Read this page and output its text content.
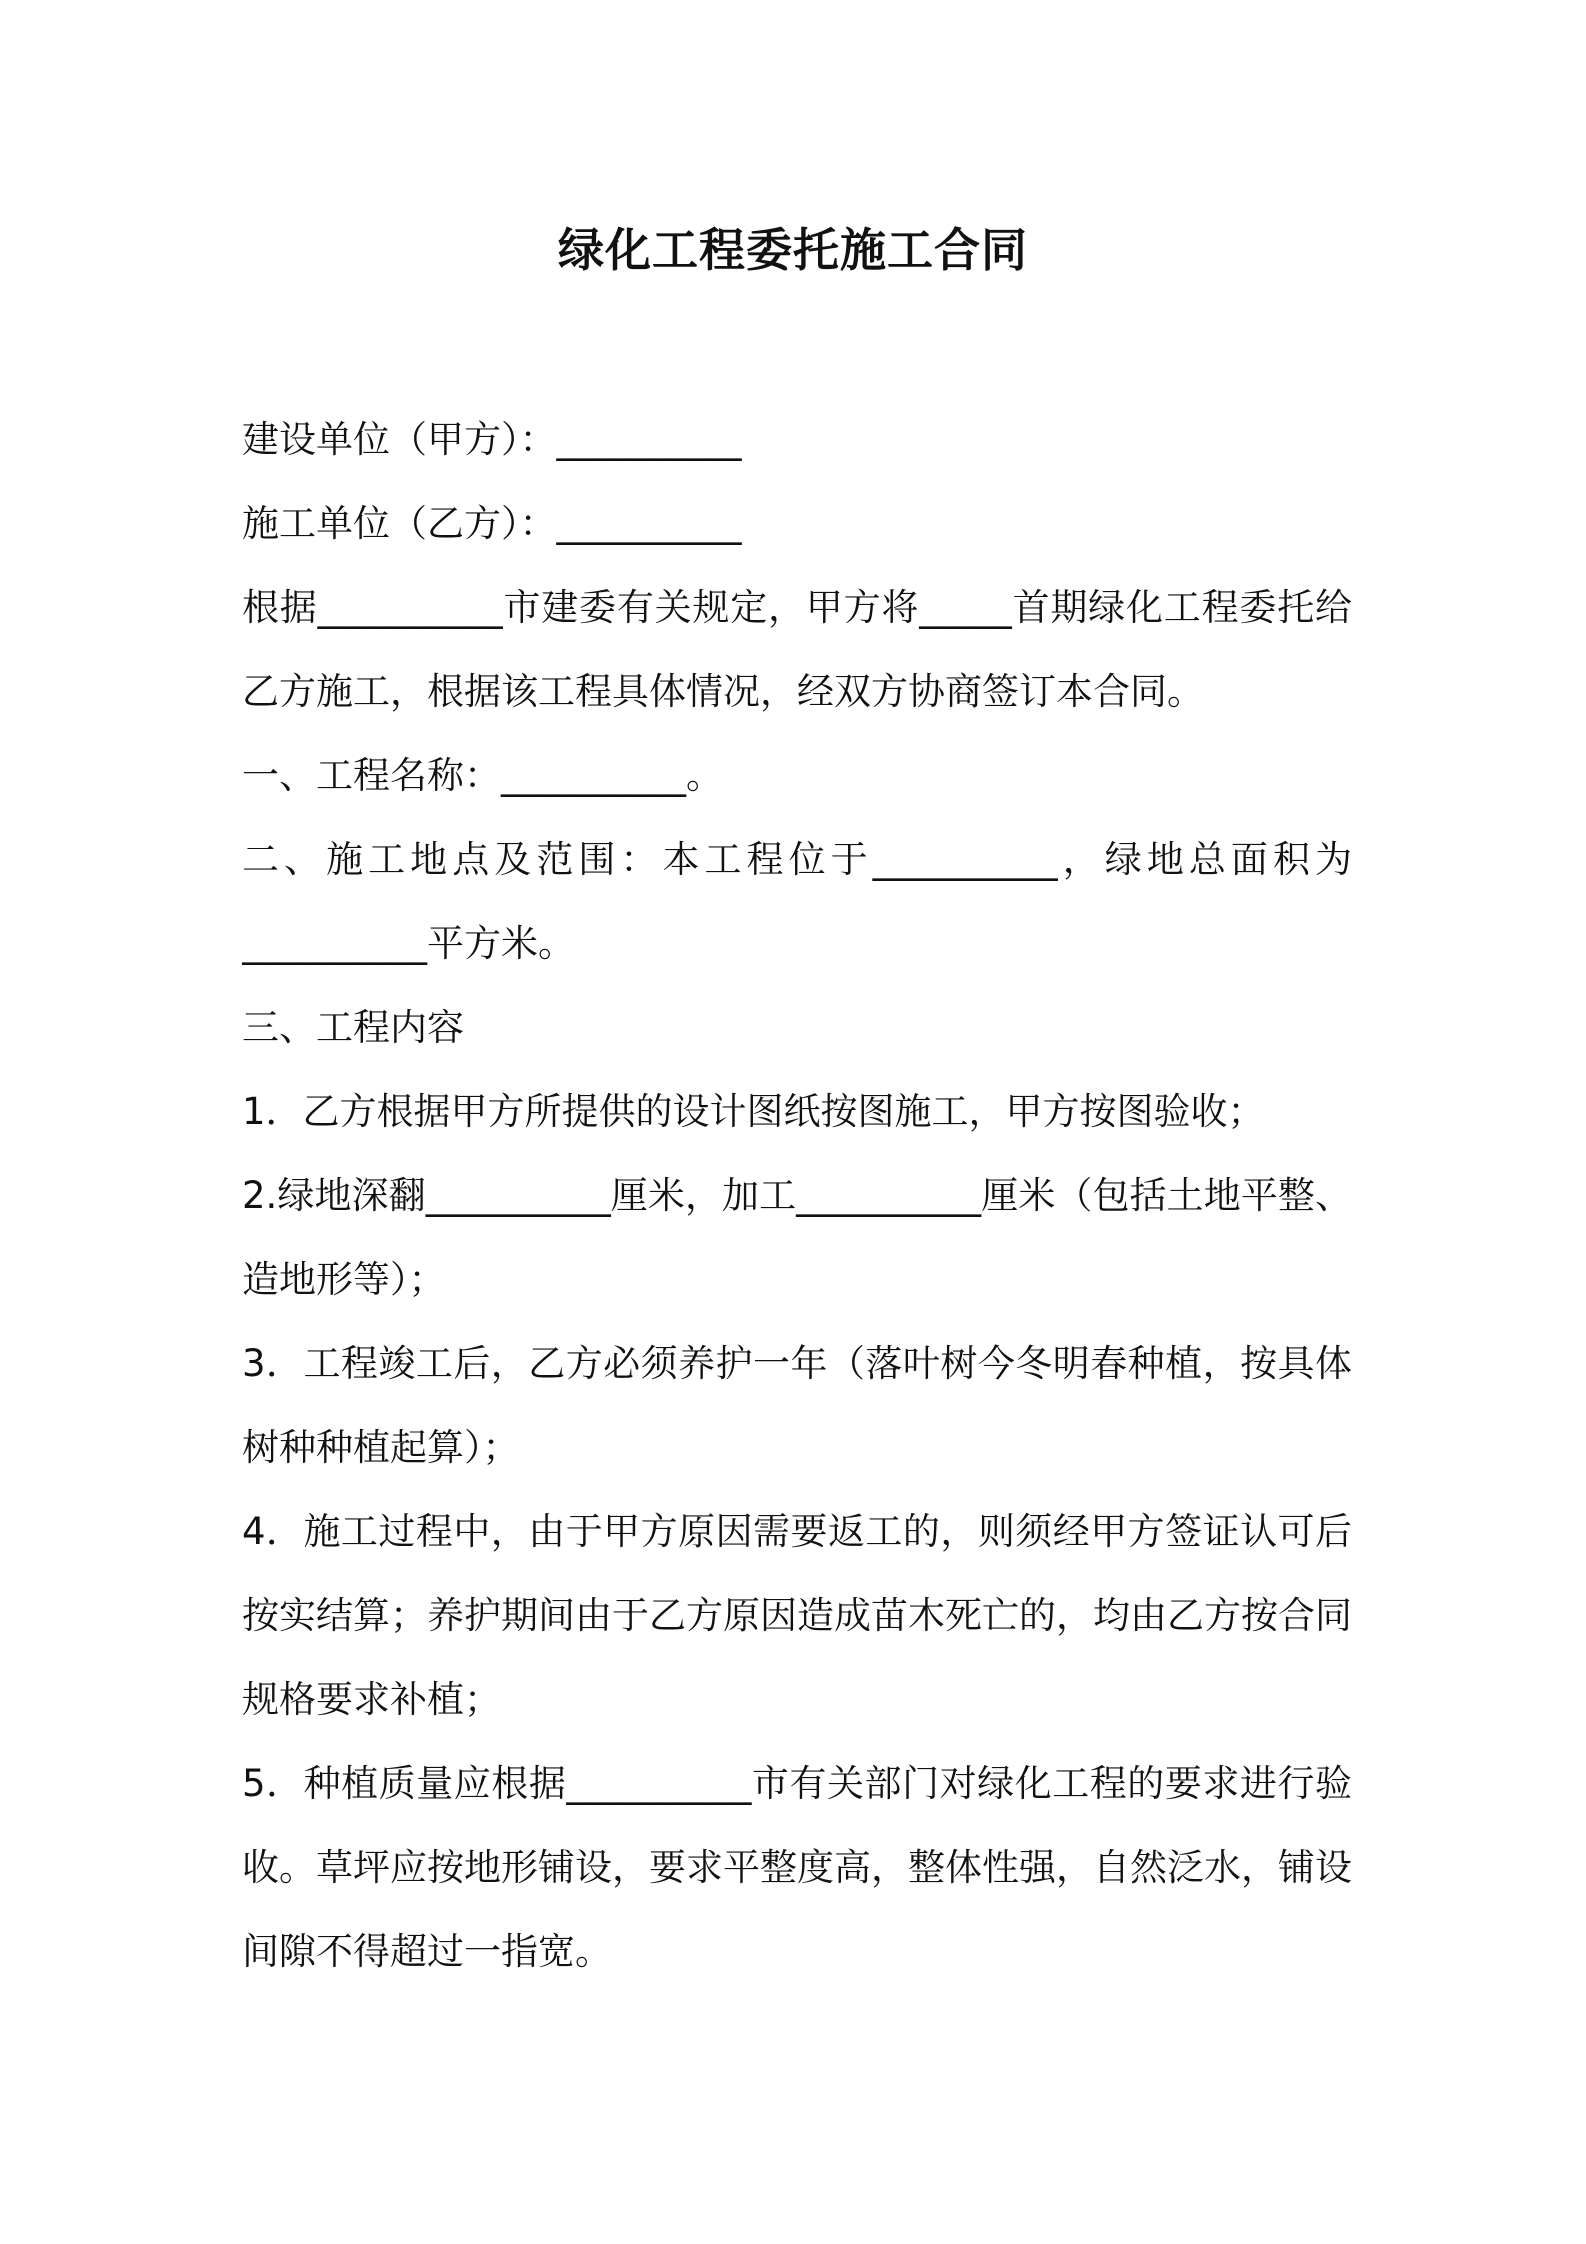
绿化工程委托施工合同
建设单位（甲方）：__________
施工单位（乙方）：__________
根据__________市建委有关规定，甲方将_____首期绿化工程委托给
乙方施工，根据该工程具体情况，经双方协商签订本合同。
一、工程名称：__________。
二、施工地点及范围：本工程位于__________，绿地总面积为
__________平方米。
三、工程内容
1．乙方根据甲方所提供的设计图纸按图施工，甲方按图验收；
2.绿地深翻__________厘米，加工__________厘米（包括土地平整、
造地形等）；
3．工程竣工后，乙方必须养护一年（落叶树今冬明春种植，按具体
树种种植起算）；
4．施工过程中，由于甲方原因需要返工的，则须经甲方签证认可后
按实结算；养护期间由于乙方原因造成苗木死亡的，均由乙方按合同
规格要求补植；
5．种植质量应根据__________市有关部门对绿化工程的要求进行验
收。草坪应按地形铺设，要求平整度高，整体性强，自然泛水，铺设
间隙不得超过一指宽。
